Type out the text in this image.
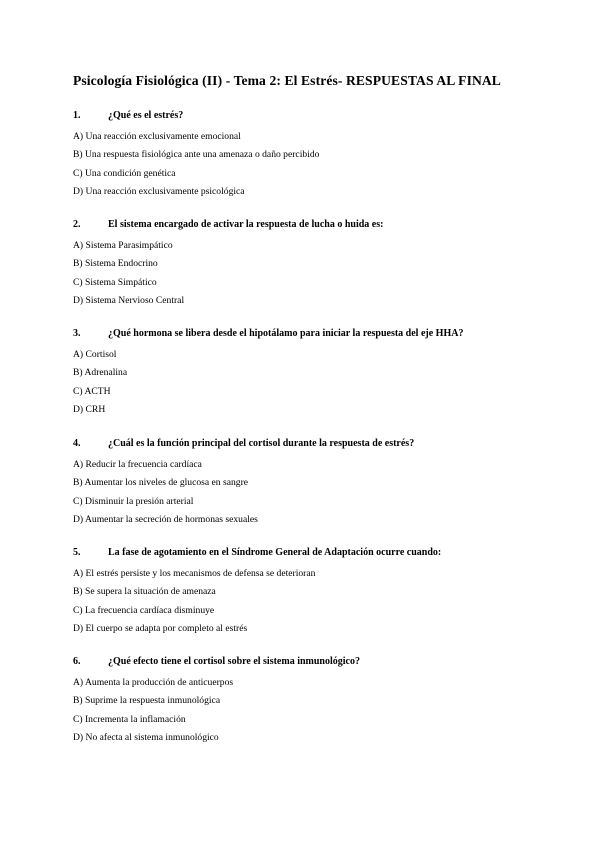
Psicología Fisiológica (II) - Tema 2: El Estrés- RESPUESTAS AL FINAL
1.	¿Qué es el estrés?
A) Una reacción exclusivamente emocional
B) Una respuesta fisiológica ante una amenaza o daño percibido
C) Una condición genética
D) Una reacción exclusivamente psicológica
2.	El sistema encargado de activar la respuesta de lucha o huida es:
A) Sistema Parasimpático
B) Sistema Endocrino
C) Sistema Simpático
D) Sistema Nervioso Central
3.	¿Qué hormona se libera desde el hipotálamo para iniciar la respuesta del eje HHA?
A) Cortisol
B) Adrenalina
C) ACTH
D) CRH
4.	¿Cuál es la función principal del cortisol durante la respuesta de estrés?
A) Reducir la frecuencia cardíaca
B) Aumentar los niveles de glucosa en sangre
C) Disminuir la presión arterial
D) Aumentar la secreción de hormonas sexuales
5.	La fase de agotamiento en el Síndrome General de Adaptación ocurre cuando:
A) El estrés persiste y los mecanismos de defensa se deterioran
B) Se supera la situación de amenaza
C) La frecuencia cardíaca disminuye
D) El cuerpo se adapta por completo al estrés
6.	¿Qué efecto tiene el cortisol sobre el sistema inmunológico?
A) Aumenta la producción de anticuerpos
B) Suprime la respuesta inmunológica
C) Incrementa la inflamación
D) No afecta al sistema inmunológico
